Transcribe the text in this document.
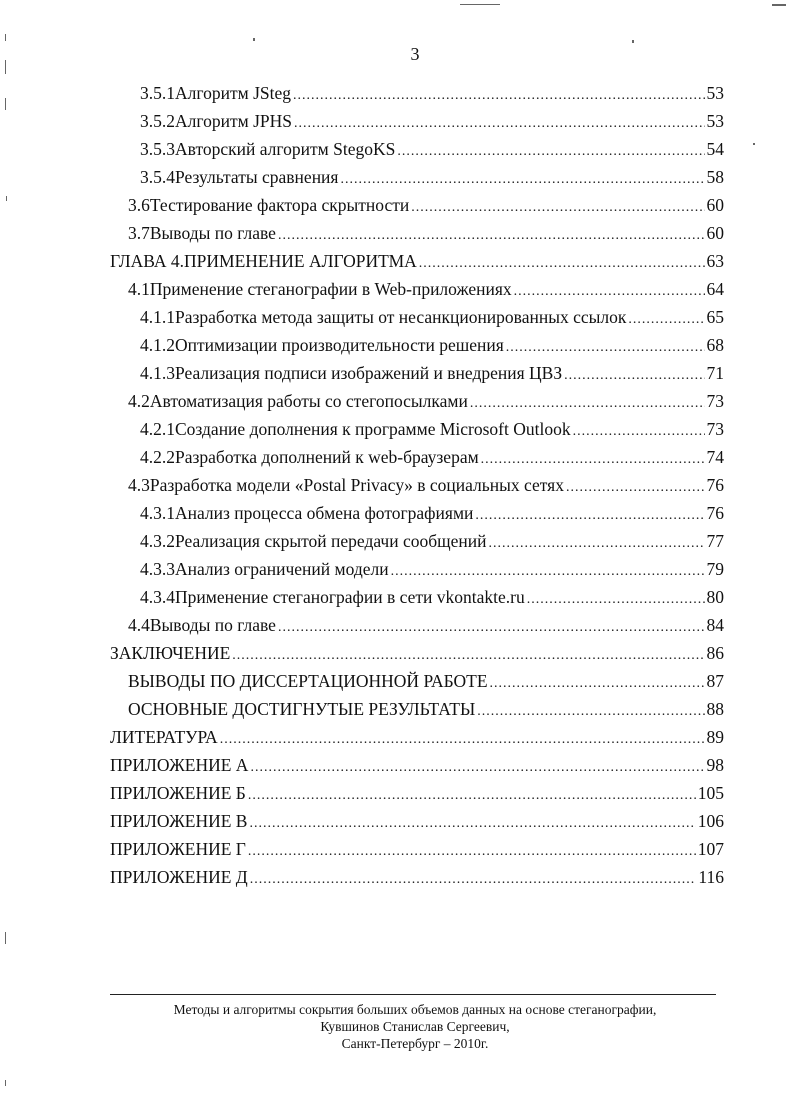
3
3.5.1 Алгоритм JSteg .....	53
3.5.2 Алгоритм JPHS .....	53
3.5.3 Авторский алгоритм StegoKS .....	54
3.5.4 Результаты сравнения .....	58
3.6 Тестирование фактора скрытности .....	60
3.7 Выводы по главе .....	60
ГЛАВА 4.ПРИМЕНЕНИЕ АЛГОРИТМА .....	63
4.1 Применение стеганографии в Web-приложениях .....	64
4.1.1 Разработка метода защиты от несанкционированных ссылок .....	65
4.1.2 Оптимизации производительности решения .....	68
4.1.3 Реализация подписи изображений и внедрения ЦВЗ .....	71
4.2 Автоматизация работы со стегопосылками .....	73
4.2.1 Создание дополнения к программе Microsoft Outlook .....	73
4.2.2 Разработка дополнений к web-браузерам .....	74
4.3 Разработка модели «Postal Privacy» в социальных сетях .....	76
4.3.1 Анализ процесса обмена фотографиями .....	76
4.3.2 Реализация скрытой передачи сообщений .....	77
4.3.3 Анализ ограничений модели .....	79
4.3.4 Применение стеганографии в сети vkontakte.ru .....	80
4.4 Выводы по главе .....	84
ЗАКЛЮЧЕНИЕ .....	86
ВЫВОДЫ ПО ДИССЕРТАЦИОННОЙ РАБОТЕ .....	87
ОСНОВНЫЕ ДОСТИГНУТЫЕ РЕЗУЛЬТАТЫ .....	88
ЛИТЕРАТУРА .....	89
ПРИЛОЖЕНИЕ А .....	98
ПРИЛОЖЕНИЕ Б .....	105
ПРИЛОЖЕНИЕ В .....	106
ПРИЛОЖЕНИЕ Г .....	107
ПРИЛОЖЕНИЕ Д .....	116
Методы и алгоритмы сокрытия больших объемов данных на основе стеганографии,
Кувшинов Станислав Сергеевич,
Санкт-Петербург – 2010г.
